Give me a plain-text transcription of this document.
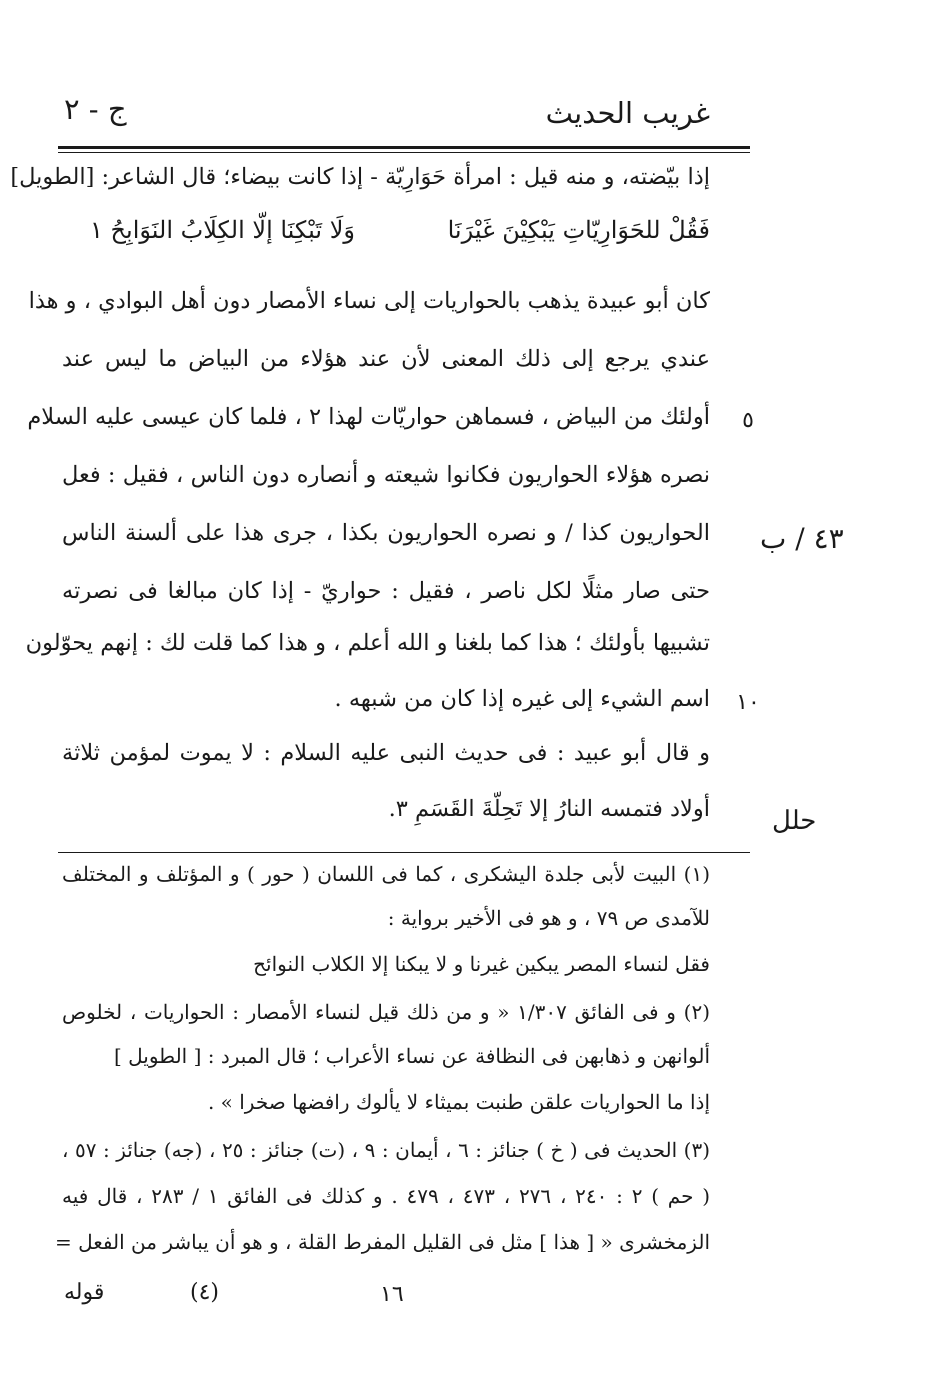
غريب الحديث
ج - ٢
إذا بيّضته، و منه قيل : امرأة حَوَارِيّة - إذا كانت بيضاء؛ قال الشاعر: [الطويل]
فَقُلْ للحَوَارِيّاتِ يَبْكِيْنَ غَيْرَنَا
وَلَا تَبْكِنَا إلّا الكِلَابُ النَوَابِحُ ١
كان أبو عبيدة يذهب بالحواريات إلى نساء الأمصار دون أهل البوادي ، و هذا
عندي يرجع إلى ذلك المعنى لأن عند هؤلاء من البياض ما ليس عند
أولئك من البياض ، فسماهن حواريّات لهذا ٢ ، فلما كان عيسى عليه السلام
نصره هؤلاء الحواريون فكانوا شيعته و أنصاره دون الناس ، فقيل : فعل
الحواريون كذا / و نصره الحواريون بكذا ، جرى هذا على ألسنة الناس
حتى صار مثلًا لكل ناصر ، فقيل : حواريّ - إذا كان مبالغا فى نصرته
تشبيها بأولئك ؛ هذا كما بلغنا و الله أعلم ، و هذا كما قلت لك : إنهم يحوّلون
اسم الشيء إلى غيره إذا كان من شبهه .
و قال أبو عبيد : فى حديث النبى عليه السلام : لا يموت لمؤمن ثلاثة
أولاد فتمسه النارُ إلا تَحِلّةَ القَسَمِ ٣.
٥
١٠
٤٣ / ب
حلل
(١) البيت لأبى جلدة اليشكرى ، كما فى اللسان ( حور ) و المؤتلف و المختلف
للآمدى ص ٧٩ ، و هو فى الأخير برواية :
فقل لنساء المصر يبكين غيرنا و لا يبكنا إلا الكلاب النوائح
(٢) و فى الفائق ١/٣٠٧ « و من ذلك قيل لنساء الأمصار : الحواريات ، لخلوص
ألوانهن و ذهابهن فى النظافة عن نساء الأعراب ؛ قال المبرد : [ الطويل ]
إذا ما الحواريات علقن طنبت بميثاء لا يألوك رافضها صخرا » .
(٣) الحديث فى ( خ ) جنائز : ٦ ، أيمان : ٩ ، (ت) جنائز : ٢٥ ، (جه) جنائز : ٥٧ ،
( حم ) ٢ : ٢٤٠ ، ٢٧٦ ، ٤٧٣ ، ٤٧٩ . و كذلك فى الفائق ١ / ٢٨٣ ، قال فيه
الزمخشرى « [ هذا ] مثل فى القليل المفرط القلة ، و هو أن يباشر من الفعل =
قوله	(٤)	١٦
